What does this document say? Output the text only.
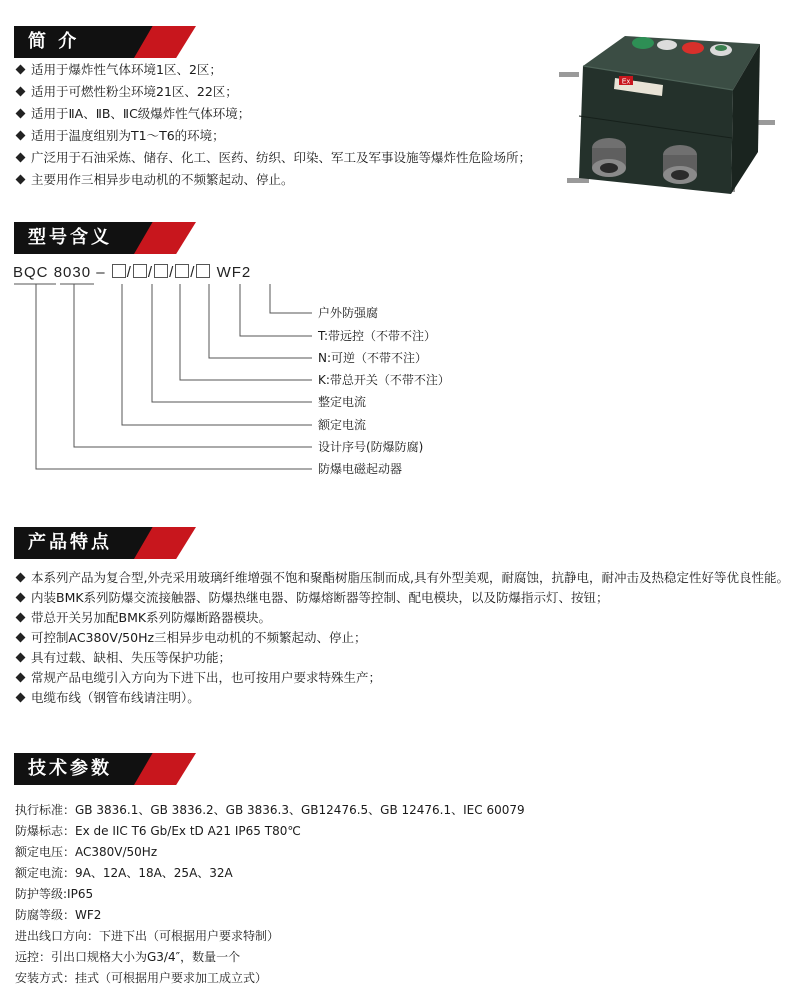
简 介
适用于爆炸性气体环境1区、2区；
适用于可燃性粉尘环境21区、22区；
适用于ⅡA、ⅡB、ⅡC级爆炸性气体环境；
适用于温度组别为T1～T6的环境；
广泛用于石油采炼、储存、化工、医药、纺织、印染、军工及军事设施等爆炸性危险场所；
主要用作三相异步电动机的不频繁起动、停止。
Ex
型号含义
BQC 8030 – / / / / WF2
户外防强腐
T:带远控（不带不注）
N:可逆（不带不注）
K:带总开关（不带不注）
整定电流
额定电流
设计序号(防爆防腐)
防爆电磁起动器
产品特点
本系列产品为复合型,外壳采用玻璃纤维增强不饱和聚酯树脂压制而成,具有外型美观，耐腐蚀，抗静电，耐冲击及热稳定性好等优良性能。
内装BMK系列防爆交流接触器、防爆热继电器、防爆熔断器等控制、配电模块，以及防爆指示灯、按钮；
带总开关另加配BMK系列防爆断路器模块。
可控制AC380V/50Hz三相异步电动机的不频繁起动、停止；
具有过载、缺相、失压等保护功能；
常规产品电缆引入方向为下进下出，也可按用户要求特殊生产；
电缆布线（钢管布线请注明）。
技术参数
执行标准：GB 3836.1、GB 3836.2、GB 3836.3、GB12476.5、GB 12476.1、IEC 60079
防爆标志：Ex de IIC T6 Gb/Ex tD A21 IP65 T80℃
额定电压：AC380V/50Hz
额定电流：9A、12A、18A、25A、32A
防护等级:IP65
防腐等级：WF2
进出线口方向：下进下出（可根据用户要求特制）
远控：引出口规格大小为G3/4″，数量一个
安装方式：挂式（可根据用户要求加工成立式）
